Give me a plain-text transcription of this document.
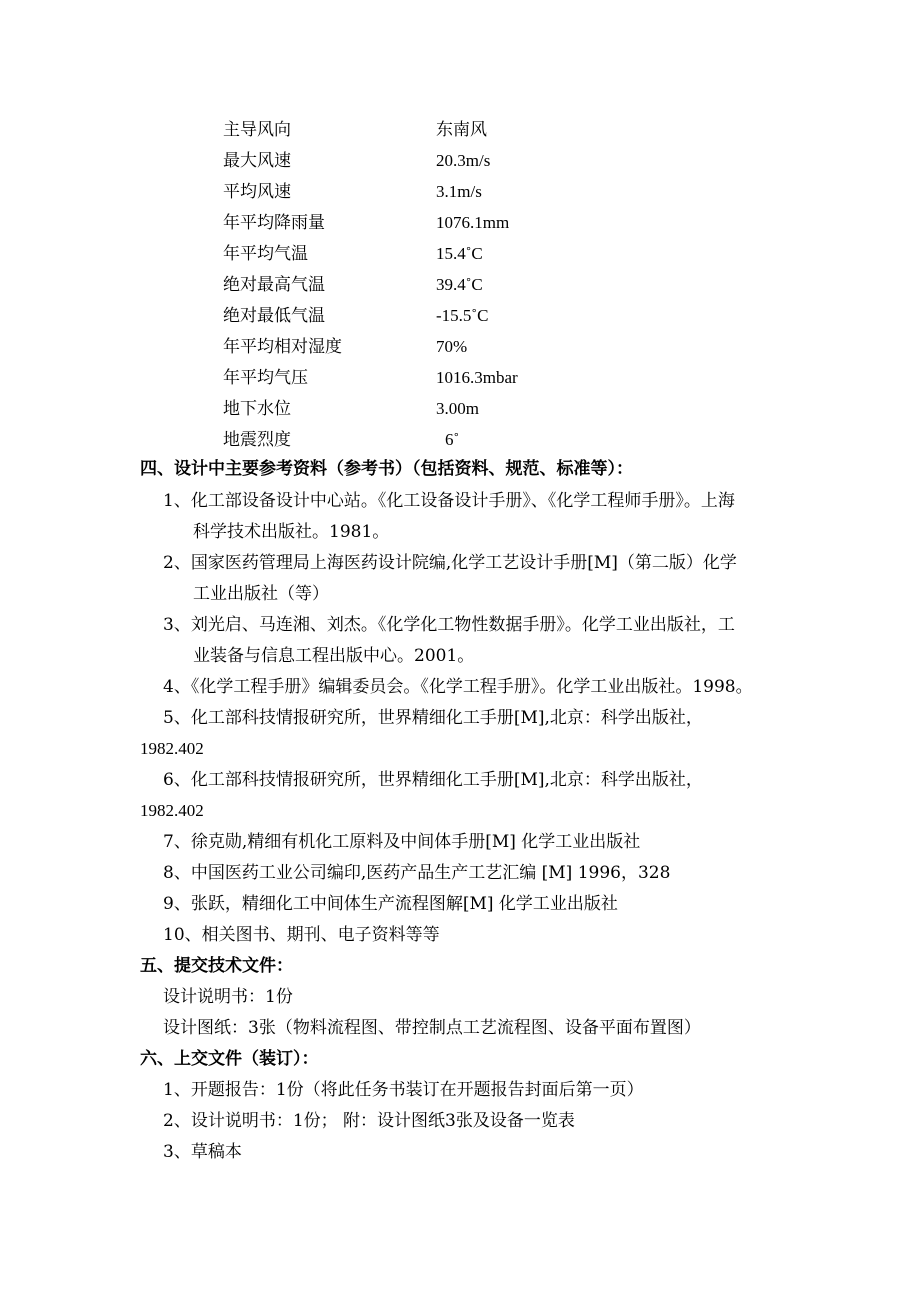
主导风向	东南风
最大风速	20.3m/s
平均风速	3.1m/s
年平均降雨量	1076.1mm
年平均气温	15.4˚C
绝对最高气温	39.4˚C
绝对最低气温	-15.5˚C
年平均相对湿度	70%
年平均气压	1016.3mbar
地下水位	3.00m
地震烈度	6˚
四、设计中主要参考资料（参考书）（包括资料、规范、标准等）：
1、化工部设备设计中心站。《化工设备设计手册》、《化学工程师手册》。上海
科学技术出版社。1981。
2、国家医药管理局上海医药设计院编,化学工艺设计手册[M]（第二版）化学
工业出版社（等）
3、刘光启、马连湘、刘杰。《化学化工物性数据手册》。化学工业出版社，工
业装备与信息工程出版中心。2001。
4、《化学工程手册》编辑委员会。《化学工程手册》。化学工业出版社。1998。
5、化工部科技情报研究所，世界精细化工手册[M],北京：科学出版社，
1982.402
6、化工部科技情报研究所，世界精细化工手册[M],北京：科学出版社，
1982.402
7、徐克勋,精细有机化工原料及中间体手册[M] 化学工业出版社
8、中国医药工业公司编印,医药产品生产工艺汇编 [M] 1996，328
9、张跃，精细化工中间体生产流程图解[M] 化学工业出版社
10、相关图书、期刊、电子资料等等
五、提交技术文件：
设计说明书：1份
设计图纸：3张（物料流程图、带控制点工艺流程图、设备平面布置图）
六、上交文件（装订）：
1、开题报告：1份（将此任务书装订在开题报告封面后第一页）
2、设计说明书：1份； 附：设计图纸3张及设备一览表
3、草稿本
